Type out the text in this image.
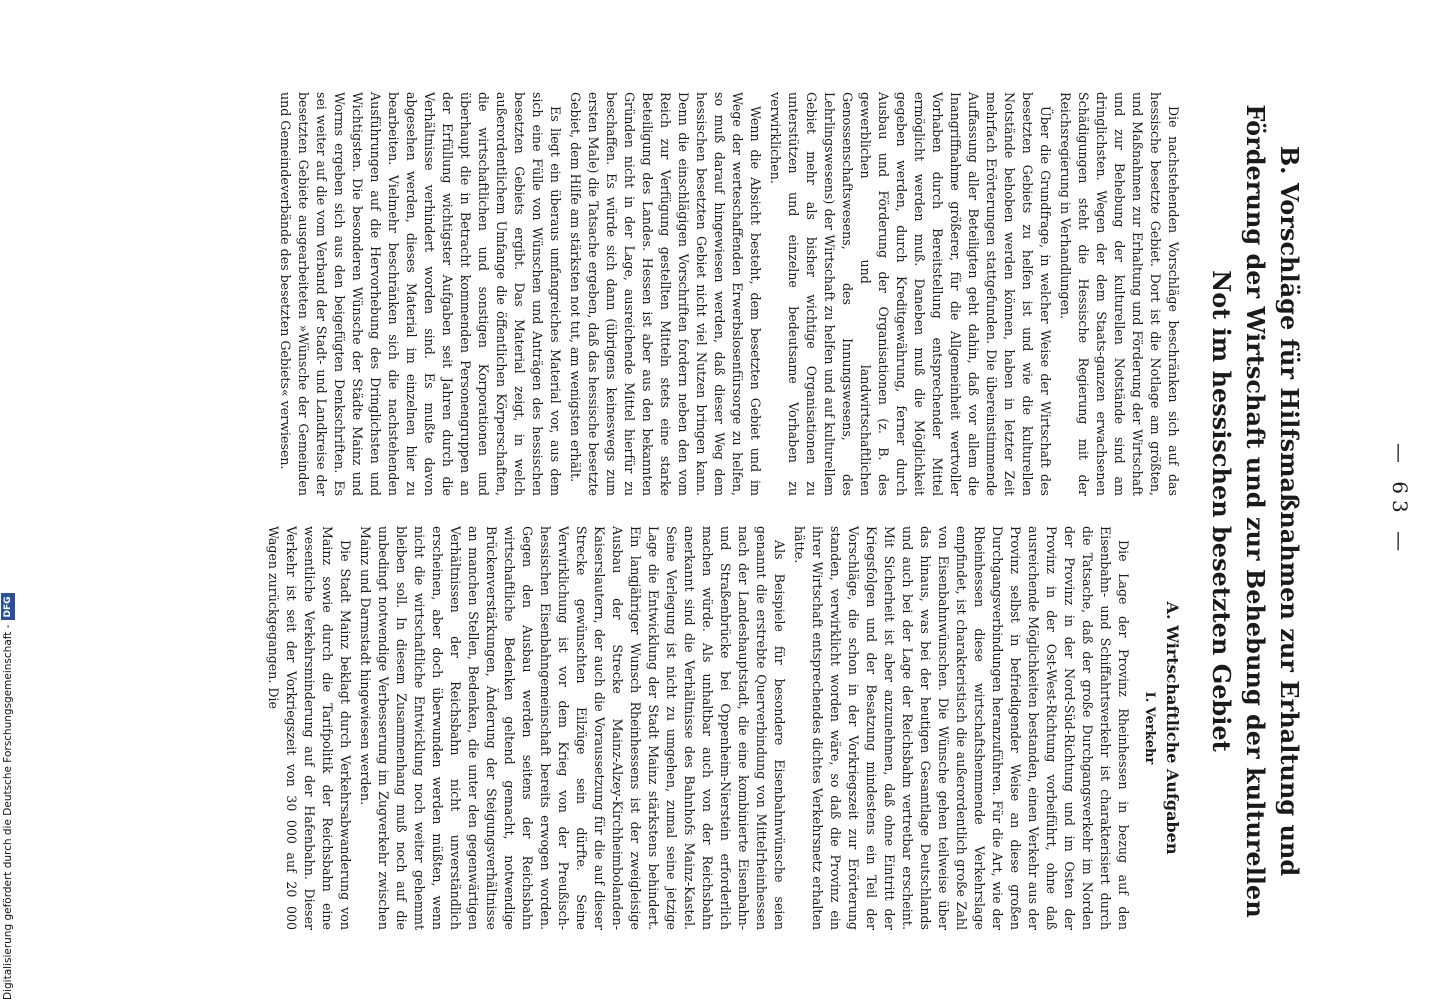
— 63 —
B. Vorschläge für Hilfsmaßnahmen zur Erhaltung und Förderung der Wirtschaft und zur Behebung der kulturellen Not im hessischen besetzten Gebiet

Die nachstehenden Vorschläge beschränken sich auf das hessische besetzte Gebiet. Dort ist die Notlage am größten, und Maßnahmen zur Erhaltung und Förderung der Wirtschaft und zur Behebung der kulturellen Notstände sind am dringlichsten. Wegen der dem Staats-ganzen erwachsenen Schädigungen steht die Hessische Regierung mit der Reichsregierung in Verhandlungen.

Über die Grundfrage, in welcher Weise der Wirtschaft des besetzten Gebiets zu helfen ist und wie die kulturellen Notstände behoben werden können, haben in letzter Zeit mehrfach Erörterungen stattgefunden. Die übereinstimmende Auffassung aller Beteiligten geht dahin, daß vor allem die Inangriffnahme größerer, für die Allgemeinheit wertvoller Vorhaben durch Bereitstellung entsprechender Mittel ermöglicht werden muß. Daneben muß die Möglichkeit gegeben werden, durch Kreditgewährung, ferner durch Ausbau und Förderung der Organisationen (z. B. des gewerblichen und landwirtschaftlichen Genossenschaftswesens, des Innungswesens, des Lehrlingswesens) der Wirtschaft zu helfen und auf kulturellem Gebiet mehr als bisher wichtige Organisationen zu unterstützen und einzelne bedeutsame Vorhaben zu verwirklichen.

Wenn die Absicht besteht, dem besetzten Gebiet und im Wege der werteschaffenden Erwerbslosenfürsorge zu helfen, so muß darauf hingewiesen werden, daß dieser Weg dem hessischen besetzten Gebiet nicht viel Nutzen bringen kann. Denn die einschlägigen Vorschriften fordern neben den vom Reich zur Verfügung gestellten Mitteln stets eine starke Beteiligung des Landes. Hessen ist aber aus den bekannten Gründen nicht in der Lage, ausreichende Mittel hierfür zu beschaffen. Es würde sich dann (übrigens keineswegs zum ersten Male) die Tatsache ergeben, daß das hessische besetzte Gebiet, dem Hilfe am stärksten not tut, am wenigsten erhält.

Es liegt ein überaus umfangreiches Material vor, aus dem sich eine Fülle von Wünschen und Anträgen des hessischen besetzten Gebiets ergibt. Das Material zeigt, in welch außerordentlichem Umfange die öffentlichen Körperschaften, die wirtschaftlichen und sonstigen Korporationen und überhaupt die in Betracht kommenden Personengruppen an der Erfüllung wichtigster Aufgaben seit Jahren durch die Verhältnisse verhindert worden sind. Es mußte davon abgesehen werden, dieses Material im einzelnen hier zu bearbeiten. Vielmehr beschränken sich die nachstehenden Ausführungen auf die Hervorhebung des Dringlichsten und Wichtigsten. Die besonderen Wünsche der Städte Mainz und Worms ergeben sich aus den beigefügten Denkschriften. Es sei weiter auf die vom Verband der Stadt- und Landkreise der besetzten Gebiete ausgearbeiteten »Wünsche der Gemeinden und Gemeindeverbände des besetzten Gebiets« verwiesen.

A. Wirtschaftliche Aufgaben
I. Verkehr

Die Lage der Provinz Rheinhessen in bezug auf den Eisenbahn- und Schiffahrtsverkehr ist charakterisiert durch die Tatsache, daß der große Durchgangsverkehr im Norden der Provinz in der Nord-Süd-Richtung und im Osten der Provinz in der Ost-West-Richtung vorbeiführt, ohne daß ausreichende Möglichkeiten bestanden, einen Verkehr aus der Provinz selbst in befriedigender Weise an diese großen Durchgangsverbindungen heranzuführen. Für die Art, wie der Rheinhessen diese wirtschaftshemmende Verkehrslage empfindet, ist charakteristisch die außerordentlich große Zahl von Eisenbahnwünschen. Die Wünsche gehen teilweise über das hinaus, was bei der heutigen Gesamtlage Deutschlands und auch bei der Lage der Reichsbahn vertretbar erscheint. Mit Sicherheit ist aber anzunehmen, daß ohne Eintritt der Kriegsfolgen und der Besatzung mindestens ein Teil der Vorschläge, die schon in der Vorkriegszeit zur Erörterung standen, verwirklicht worden wäre, so daß die Provinz ein ihrer Wirtschaft entsprechendes dichtes Verkehrsnetz erhalten hätte.

Als Beispiele für besondere Eisenbahnwünsche seien genannt die erstrebte Querverbindung von Mittelrheinhessen nach der Landeshauptstadt, die eine kombinierte Eisenbahn- und Straßenbrücke bei Oppenheim-Nierstein erforderlich machen würde. Als unhaltbar auch von der Reichsbahn anerkannt sind die Verhältnisse des Bahnhofs Mainz-Kastel. Seine Verlegung ist nicht zu umgehen, zumal seine jetzige Lage die Entwicklung der Stadt Mainz stärkstens behindert. Ein langjähriger Wunsch Rheinhessens ist der zweigleisige Ausbau der Strecke Mainz-Alzey-Kirchheimbolanden-Kaiserslautern, der auch die Voraussetzung für die auf dieser Strecke gewünschten Eilzüge sein dürfte. Seine Verwirklichung ist vor dem Krieg von der Preußisch-hessischen Eisenbahngemeinschaft bereits erwogen worden. Gegen den Ausbau werden seitens der Reichsbahn wirtschaftliche Bedenken geltend gemacht, notwendige Brückenverstärkungen, Änderung der Steigungsverhältnisse an manchen Stellen, Bedenken, die unter den gegenwärtigen Verhältnissen der Reichsbahn nicht unverständlich erscheinen, aber doch überwunden werden müßten, wenn nicht die wirtschaftliche Entwicklung noch weiter gehemmt bleiben soll. In diesem Zusammenhang muß noch auf die unbedingt notwendige Verbesserung im Zugverkehr zwischen Mainz und Darmstadt hingewiesen werden.

Die Stadt Mainz beklagt durch Verkehrsabwanderung von Mainz sowie durch die Tarifpolitik der Reichsbahn eine wesentliche Verkehrsminderung auf der Hafenbahn. Dieser Verkehr ist seit der Vorkriegszeit von 30 000 auf 20 000 Wagen zurückgegangen. Die

Digitalisierung gefördert durch die Deutsche Forschungsgemeinschaft -
DFG
